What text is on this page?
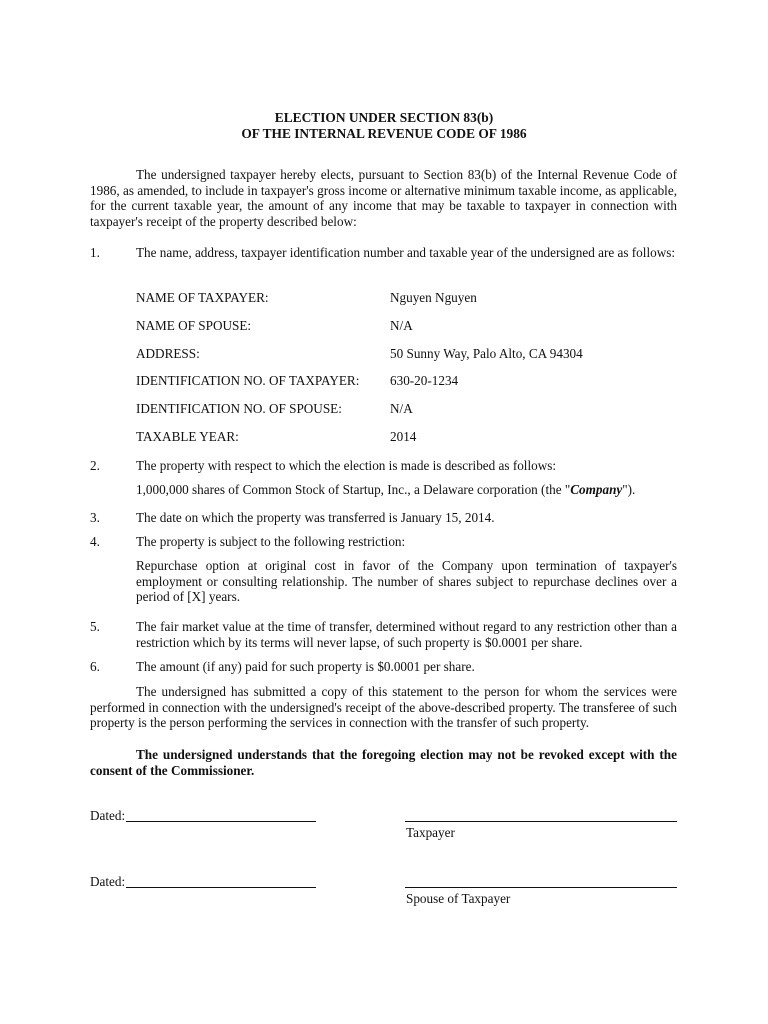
ELECTION UNDER SECTION 83(b)
OF THE INTERNAL REVENUE CODE OF 1986
The undersigned taxpayer hereby elects, pursuant to Section 83(b) of the Internal Revenue Code of 1986, as amended, to include in taxpayer's gross income or alternative minimum taxable income, as applicable, for the current taxable year, the amount of any income that may be taxable to taxpayer in connection with taxpayer's receipt of the property described below:
1.	The name, address, taxpayer identification number and taxable year of the undersigned are as follows:
NAME OF TAXPAYER:	Nguyen Nguyen
NAME OF SPOUSE:	N/A
ADDRESS:	50 Sunny Way, Palo Alto, CA 94304
IDENTIFICATION NO. OF TAXPAYER: 630-20-1234
IDENTIFICATION NO. OF SPOUSE:	N/A
TAXABLE YEAR:	2014
2.	The property with respect to which the election is made is described as follows:
1,000,000 shares of Common Stock of Startup, Inc., a Delaware corporation (the "Company").
3.	The date on which the property was transferred is January 15, 2014.
4.	The property is subject to the following restriction:
Repurchase option at original cost in favor of the Company upon termination of taxpayer's employment or consulting relationship. The number of shares subject to repurchase declines over a period of [X] years.
5.	The fair market value at the time of transfer, determined without regard to any restriction other than a restriction which by its terms will never lapse, of such property is $0.0001 per share.
6.	The amount (if any) paid for such property is $0.0001 per share.
The undersigned has submitted a copy of this statement to the person for whom the services were performed in connection with the undersigned's receipt of the above-described property. The transferee of such property is the person performing the services in connection with the transfer of such property.
The undersigned understands that the foregoing election may not be revoked except with the consent of the Commissioner.
Dated:
Taxpayer
Dated:
Spouse of Taxpayer
